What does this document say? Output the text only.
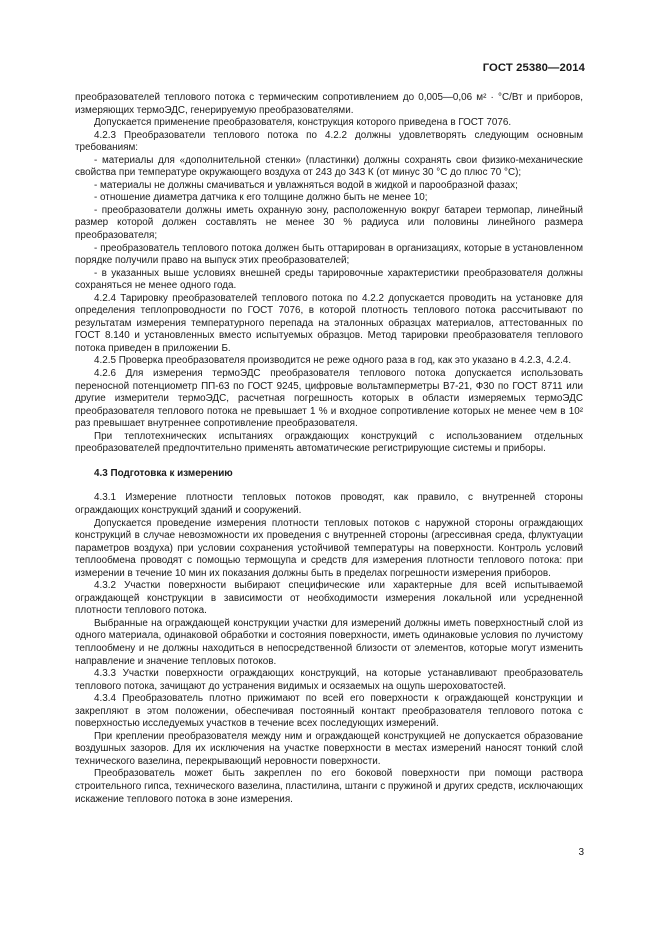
ГОСТ 25380—2014

преобразователей теплового потока с термическим сопротивлением до 0,005—0,06 м² · °С/Вт и приборов, измеряющих термоЭДС, генерируемую преобразователями.

Допускается применение преобразователя, конструкция которого приведена в ГОСТ 7076.

4.2.3 Преобразователи теплового потока по 4.2.2 должны удовлетворять следующим основным требованиям:

- материалы для «дополнительной стенки» (пластинки) должны сохранять свои физико-механические свойства при температуре окружающего воздуха от 243 до 343 К (от минус 30 °С до плюс 70 °С);

- материалы не должны смачиваться и увлажняться водой в жидкой и парообразной фазах;

- отношение диаметра датчика к его толщине должно быть не менее 10;

- преобразователи должны иметь охранную зону, расположенную вокруг батареи термопар, линейный размер которой должен составлять не менее 30 % радиуса или половины линейного размера преобразователя;

- преобразователь теплового потока должен быть оттарирован в организациях, которые в установленном порядке получили право на выпуск этих преобразователей;

- в указанных выше условиях внешней среды тарировочные характеристики преобразователя должны сохраняться не менее одного года.

4.2.4 Тарировку преобразователей теплового потока по 4.2.2 допускается проводить на установке для определения теплопроводности по ГОСТ 7076, в которой плотность теплового потока рассчитывают по результатам измерения температурного перепада на эталонных образцах материалов, аттестованных по ГОСТ 8.140 и установленных вместо испытуемых образцов. Метод тарировки преобразователя теплового потока приведен в приложении Б.

4.2.5 Проверка преобразователя производится не реже одного раза в год, как это указано в 4.2.3, 4.2.4.

4.2.6 Для измерения термоЭДС преобразователя теплового потока допускается использовать переносной потенциометр ПП-63 по ГОСТ 9245, цифровые вольтамперметры В7-21, Ф30 по ГОСТ 8711 или другие измерители термоЭДС, расчетная погрешность которых в области измеряемых термоЭДС преобразователя теплового потока не превышает 1 % и входное сопротивление которых не менее чем в 10² раз превышает внутреннее сопротивление преобразователя.

При теплотехнических испытаниях ограждающих конструкций с использованием отдельных преобразователей предпочтительно применять автоматические регистрирующие системы и приборы.

4.3 Подготовка к измерению

4.3.1 Измерение плотности тепловых потоков проводят, как правило, с внутренней стороны ограждающих конструкций зданий и сооружений.

Допускается проведение измерения плотности тепловых потоков с наружной стороны ограждающих конструкций в случае невозможности их проведения с внутренней стороны (агрессивная среда, флуктуации параметров воздуха) при условии сохранения устойчивой температуры на поверхности. Контроль условий теплообмена проводят с помощью термощупа и средств для измерения плотности теплового потока: при измерении в течение 10 мин их показания должны быть в пределах погрешности измерения приборов.

4.3.2 Участки поверхности выбирают специфические или характерные для всей испытываемой ограждающей конструкции в зависимости от необходимости измерения локальной или усредненной плотности теплового потока.

Выбранные на ограждающей конструкции участки для измерений должны иметь поверхностный слой из одного материала, одинаковой обработки и состояния поверхности, иметь одинаковые условия по лучистому теплообмену и не должны находиться в непосредственной близости от элементов, которые могут изменить направление и значение тепловых потоков.

4.3.3 Участки поверхности ограждающих конструкций, на которые устанавливают преобразователь теплового потока, зачищают до устранения видимых и осязаемых на ощупь шероховатостей.

4.3.4 Преобразователь плотно прижимают по всей его поверхности к ограждающей конструкции и закрепляют в этом положении, обеспечивая постоянный контакт преобразователя теплового потока с поверхностью исследуемых участков в течение всех последующих измерений.

При креплении преобразователя между ним и ограждающей конструкцией не допускается образование воздушных зазоров. Для их исключения на участке поверхности в местах измерений наносят тонкий слой технического вазелина, перекрывающий неровности поверхности.

Преобразователь может быть закреплен по его боковой поверхности при помощи раствора строительного гипса, технического вазелина, пластилина, штанги с пружиной и других средств, исключающих искажение теплового потока в зоне измерения.

3
